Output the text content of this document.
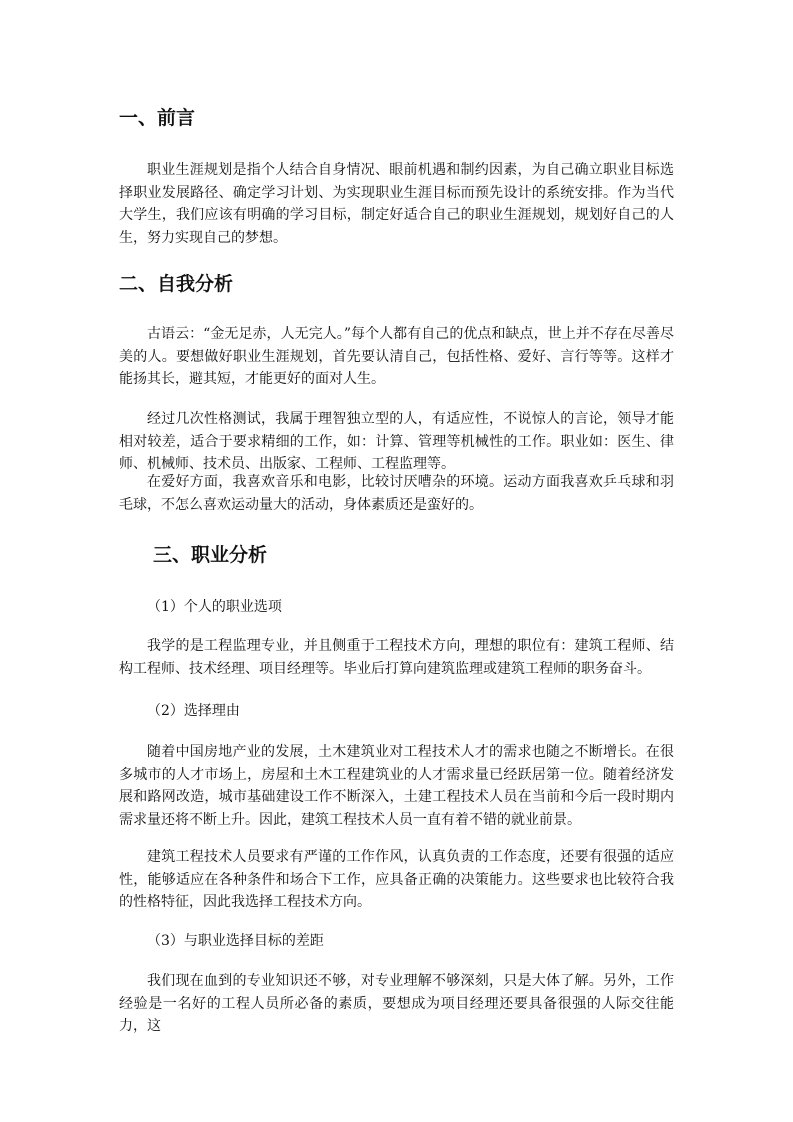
一、前言

职业生涯规划是指个人结合自身情况、眼前机遇和制约因素，为自己确立职业目标选择职业发展路径、确定学习计划、为实现职业生涯目标而预先设计的系统安排。作为当代大学生，我们应该有明确的学习目标，制定好适合自己的职业生涯规划，规划好自己的人生，努力实现自己的梦想。

二、自我分析

古语云：“金无足赤，人无完人。”每个人都有自己的优点和缺点，世上并不存在尽善尽美的人。要想做好职业生涯规划，首先要认清自己，包括性格、爱好、言行等等。这样才能扬其长，避其短，才能更好的面对人生。

经过几次性格测试，我属于理智独立型的人，有适应性，不说惊人的言论，领导才能相对较差，适合于要求精细的工作，如：计算、管理等机械性的工作。职业如：医生、律师、机械师、技术员、出版家、工程师、工程监理等。

在爱好方面，我喜欢音乐和电影，比较讨厌嘈杂的环境。运动方面我喜欢乒乓球和羽毛球，不怎么喜欢运动量大的活动，身体素质还是蛮好的。

三、职业分析

（1）个人的职业选项

我学的是工程监理专业，并且侧重于工程技术方向，理想的职位有：建筑工程师、结构工程师、技术经理、项目经理等。毕业后打算向建筑监理或建筑工程师的职务奋斗。

（2）选择理由

随着中国房地产业的发展，土木建筑业对工程技术人才的需求也随之不断增长。在很多城市的人才市场上，房屋和土木工程建筑业的人才需求量已经跃居第一位。随着经济发展和路网改造，城市基础建设工作不断深入，土建工程技术人员在当前和今后一段时期内需求量还将不断上升。因此，建筑工程技术人员一直有着不错的就业前景。

建筑工程技术人员要求有严谨的工作作风，认真负责的工作态度，还要有很强的适应性，能够适应在各种条件和场合下工作，应具备正确的决策能力。这些要求也比较符合我的性格特征，因此我选择工程技术方向。

（3）与职业选择目标的差距

我们现在血到的专业知识还不够，对专业理解不够深刻，只是大体了解。另外，工作经验是一名好的工程人员所必备的素质，要想成为项目经理还要具备很强的人际交往能力，这
